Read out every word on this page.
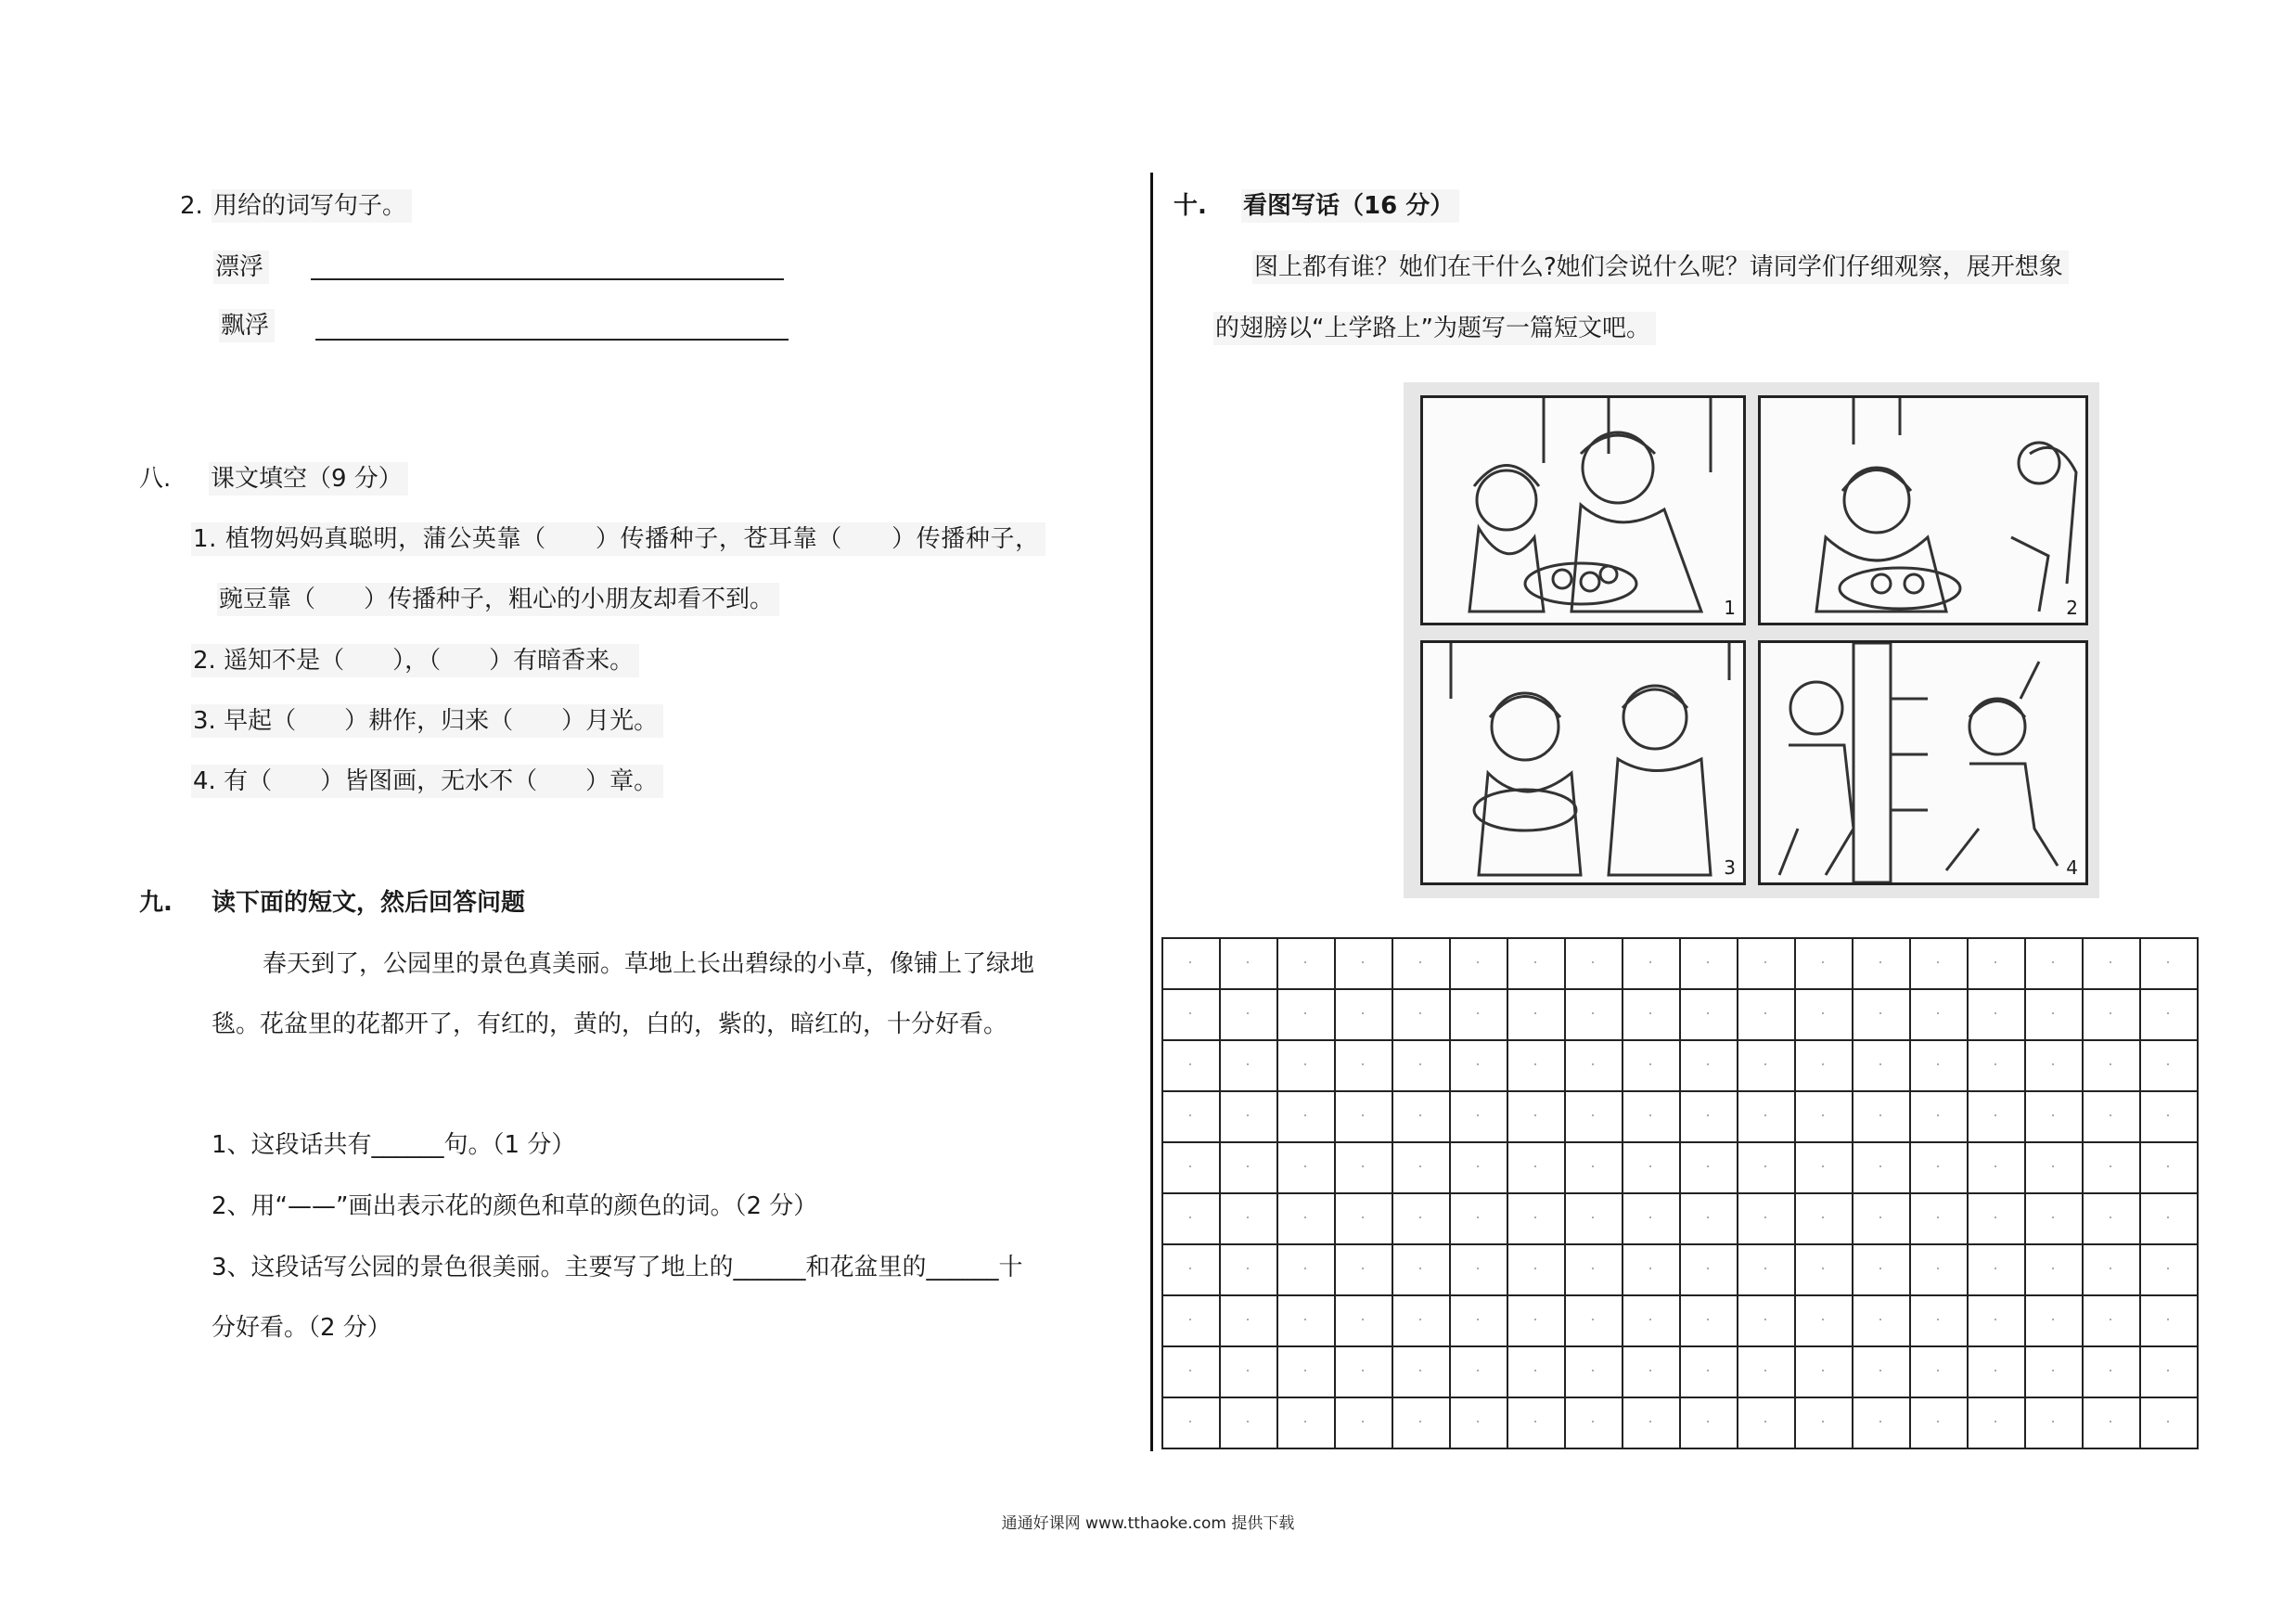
2. 用给的词写句子。
漂浮
飘浮
八. 课文填空（9 分）
1. 植物妈妈真聪明，蒲公英靠（　　）传播种子，苍耳靠（　　）传播种子，
豌豆靠（　　）传播种子，粗心的小朋友却看不到。
2. 遥知不是（　　），（　　）有暗香来。
3. 早起（　　）耕作，归来（　　）月光。
4. 有（　　）皆图画，无水不（　　）章。
九. 读下面的短文，然后回答问题
春天到了，公园里的景色真美丽。草地上长出碧绿的小草，像铺上了绿地
毯。花盆里的花都开了，有红的，黄的，白的，紫的，暗红的，十分好看。
1、这段话共有______句。（1 分）
2、用“——”画出表示花的颜色和草的颜色的词。（2 分）
3、这段话写公园的景色很美丽。主要写了地上的______和花盆里的______十
分好看。（2 分）
十. 看图写话（16 分）
图上都有谁？她们在干什么?她们会说什么呢？请同学们仔细观察，展开想象
的翅膀以“上学路上”为题写一篇短文吧。
1	2
3	4

通通好课网 www.tthaoke.com 提供下载
